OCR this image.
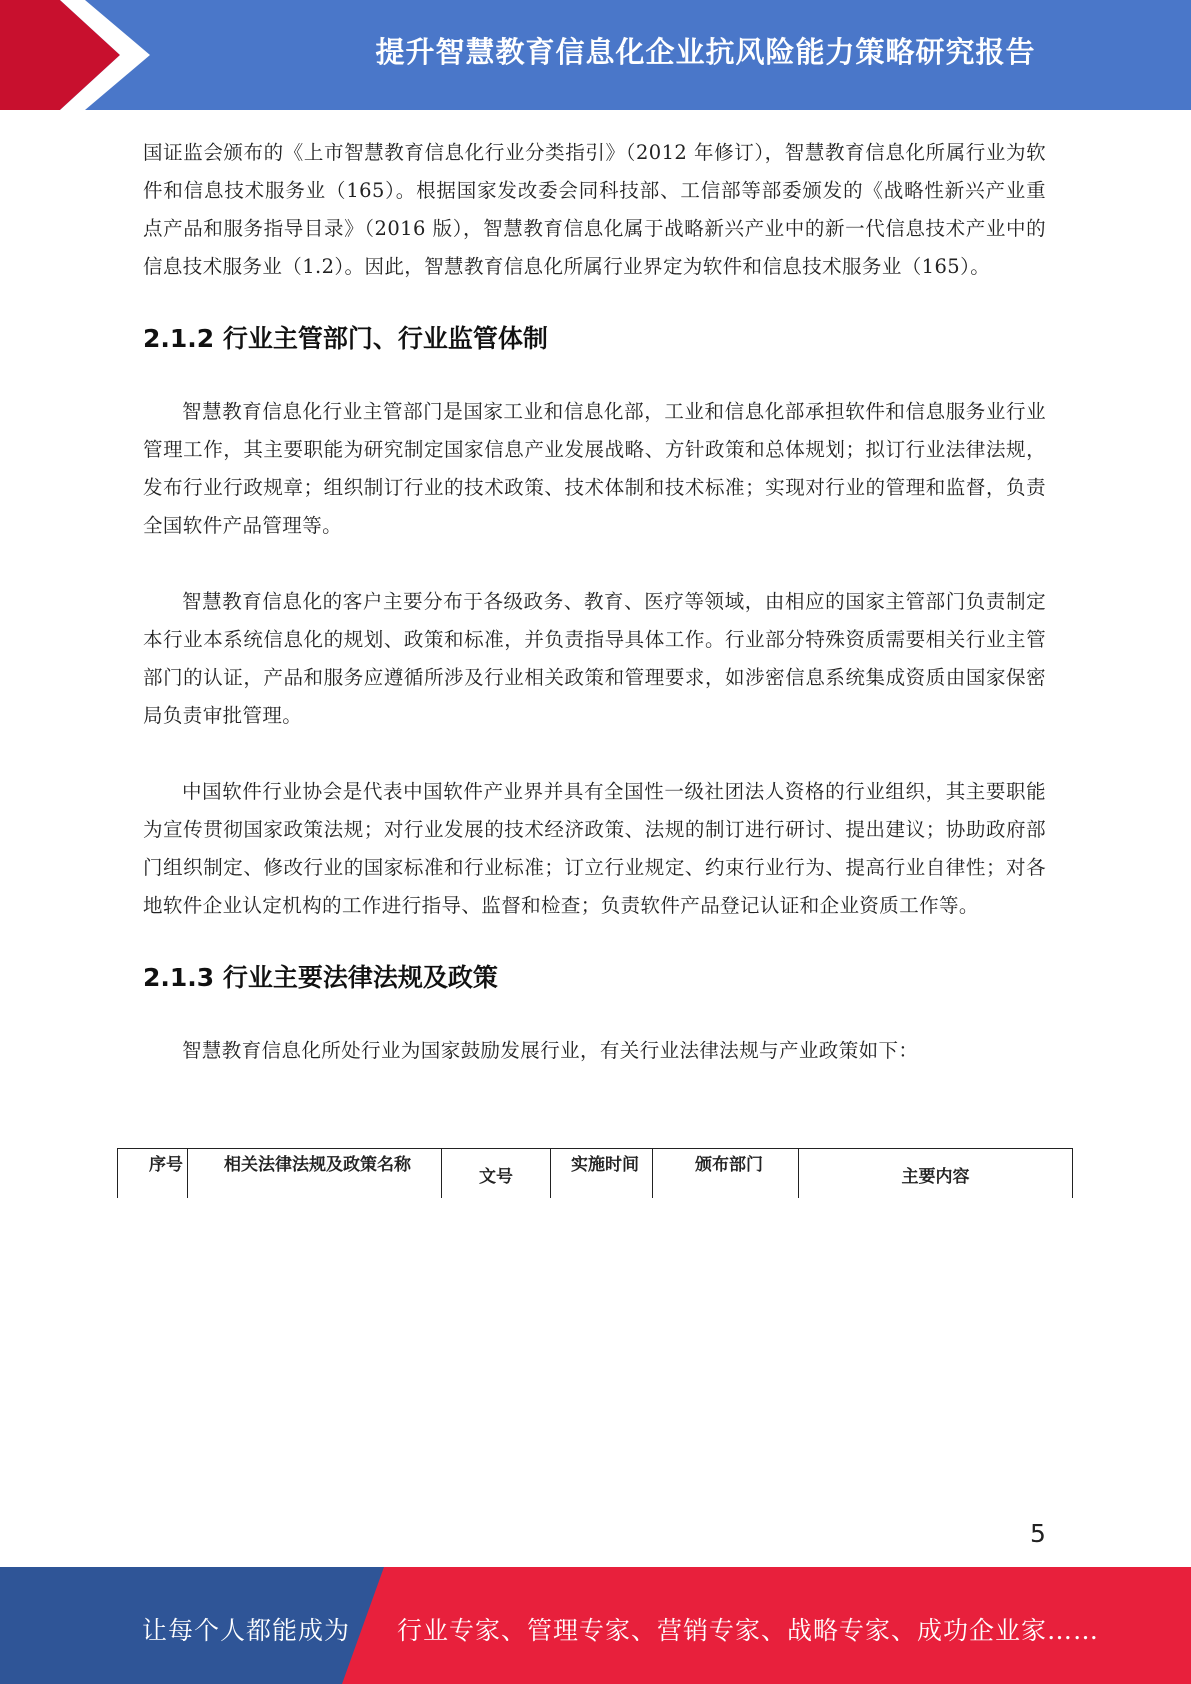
提升智慧教育信息化企业抗风险能力策略研究报告

国证监会颁布的《上市智慧教育信息化行业分类指引》（2012 年修订），智慧教育信息化所属行业为软件和信息技术服务业（165）。根据国家发改委会同科技部、工信部等部委颁发的《战略性新兴产业重点产品和服务指导目录》（2016 版），智慧教育信息化属于战略新兴产业中的新一代信息技术产业中的信息技术服务业（1.2）。因此，智慧教育信息化所属行业界定为软件和信息技术服务业（165）。

2.1.2 行业主管部门、行业监管体制

智慧教育信息化行业主管部门是国家工业和信息化部，工业和信息化部承担软件和信息服务业行业管理工作，其主要职能为研究制定国家信息产业发展战略、方针政策和总体规划；拟订行业法律法规，发布行业行政规章；组织制订行业的技术政策、技术体制和技术标准；实现对行业的管理和监督，负责全国软件产品管理等。

智慧教育信息化的客户主要分布于各级政务、教育、医疗等领域，由相应的国家主管部门负责制定本行业本系统信息化的规划、政策和标准，并负责指导具体工作。行业部分特殊资质需要相关行业主管部门的认证，产品和服务应遵循所涉及行业相关政策和管理要求，如涉密信息系统集成资质由国家保密局负责审批管理。

中国软件行业协会是代表中国软件产业界并具有全国性一级社团法人资格的行业组织，其主要职能为宣传贯彻国家政策法规；对行业发展的技术经济政策、法规的制订进行研讨、提出建议；协助政府部门组织制定、修改行业的国家标准和行业标准；订立行业规定、约束行业行为、提高行业自律性；对各地软件企业认定机构的工作进行指导、监督和检查；负责软件产品登记认证和企业资质工作等。

2.1.3 行业主要法律法规及政策

智慧教育信息化所处行业为国家鼓励发展行业，有关行业法律法规与产业政策如下：

序号	相关法律法规及政策名称	文号	实施时间	颁布部门	主要内容
5
让每个人都能成为 行业专家、管理专家、营销专家、战略专家、成功企业家……
